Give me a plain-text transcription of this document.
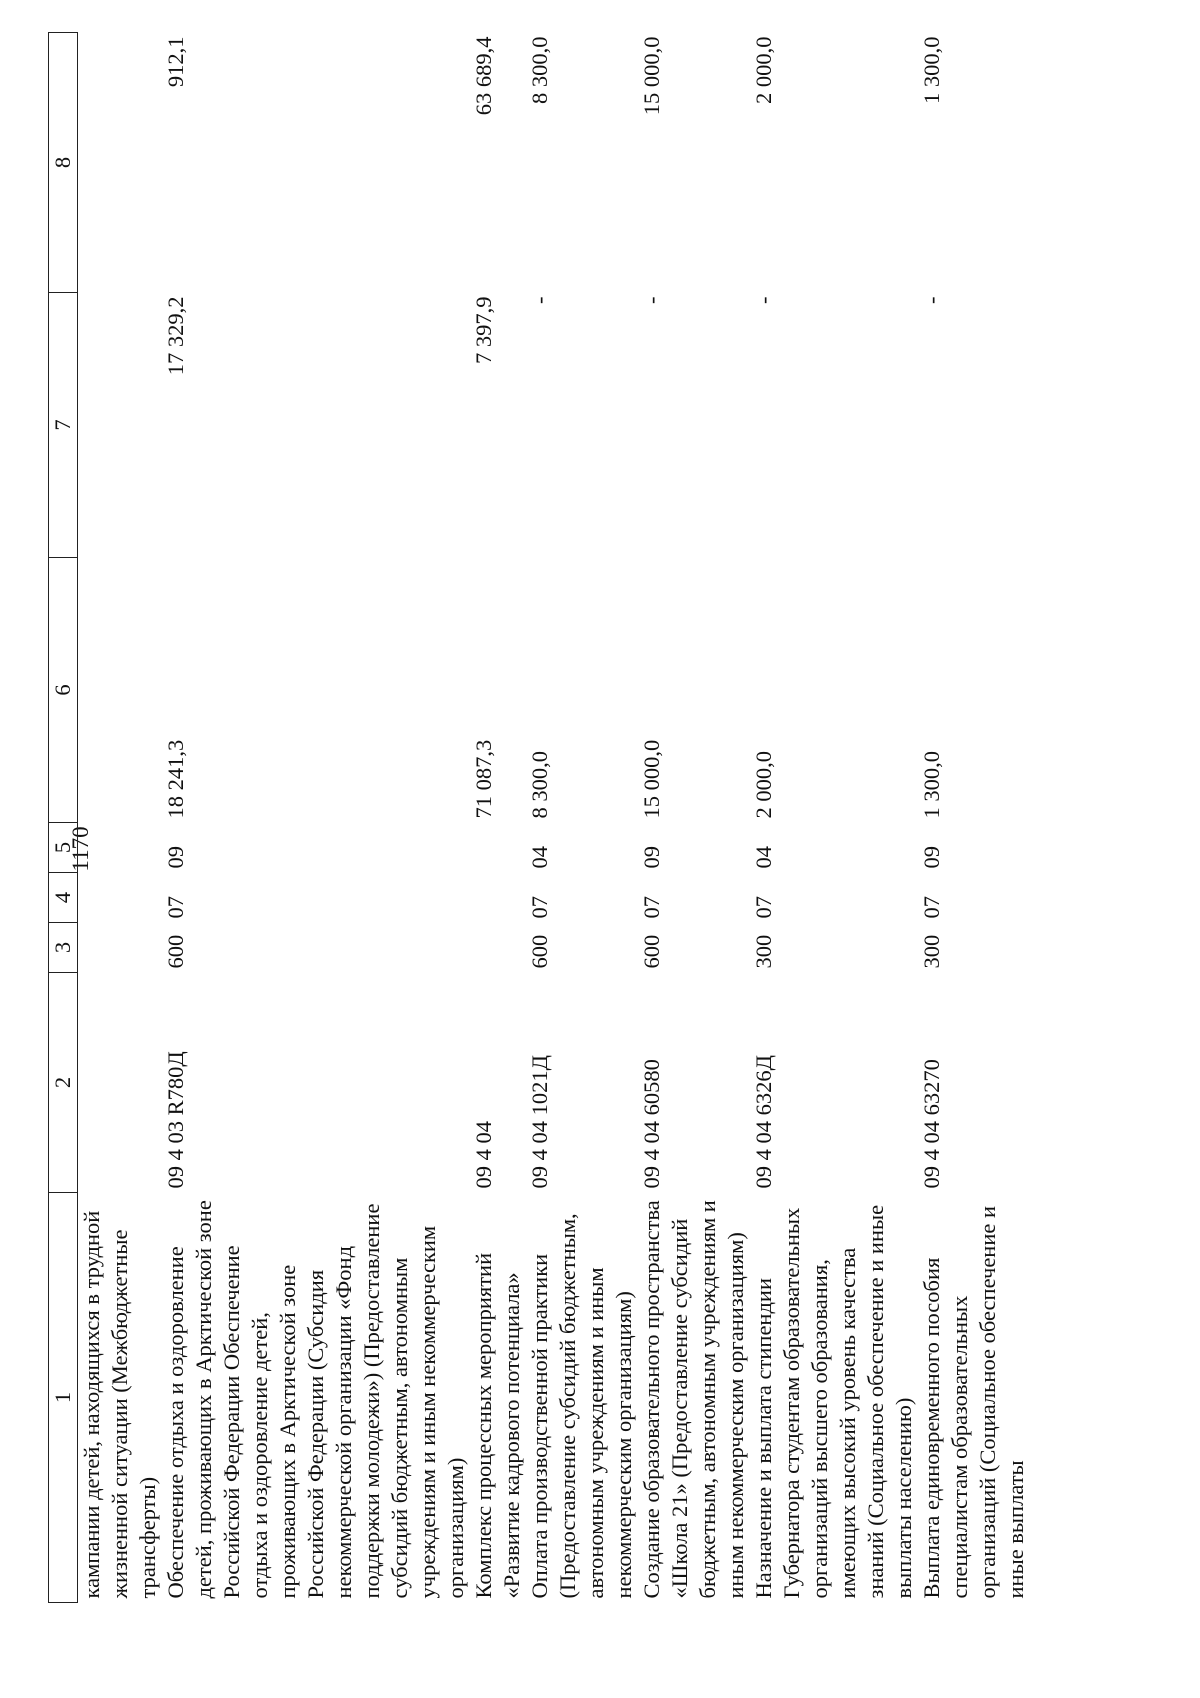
1170
1	2	3	4	5	6	7	8
кампании детей, находящихся в трудной жизненной ситуации (Межбюджетные трансферты)							
Обеспечение отдыха и оздоровление детей, проживающих в Арктической зоне Российской Федерации Обеспечение отдыха и оздоровление детей, проживающих в Арктической зоне Российской Федерации (Субсидия некоммерческой организации «Фонд поддержки молодежи») (Предоставление субсидий бюджетным, автономным учреждениям и иным некоммерческим организациям)	09 4 03 R780Д	600	07	09	18 241,3	17 329,2	912,1
Комплекс процессных мероприятий «Развитие кадрового потенциала»	09 4 04				71 087,3	7 397,9	63 689,4
Оплата производственной практики (Предоставление субсидий бюджетным, автономным учреждениям и иным некоммерческим организациям)	09 4 04 1021Д	600	07	04	8 300,0	-	8 300,0
Создание образовательного пространства «Школа 21» (Предоставление субсидий бюджетным, автономным учреждениям и иным некоммерческим организациям)	09 4 04 60580	600	07	09	15 000,0	-	15 000,0
Назначение и выплата стипендии Губернатора студентам образовательных организаций высшего образования, имеющих высокий уровень качества знаний (Социальное обеспечение и иные выплаты населению)	09 4 04 6326Д	300	07	04	2 000,0	-	2 000,0
Выплата единовременного пособия специалистам образовательных организаций (Социальное обеспечение и иные выплаты	09 4 04 63270	300	07	09	1 300,0	-	1 300,0
